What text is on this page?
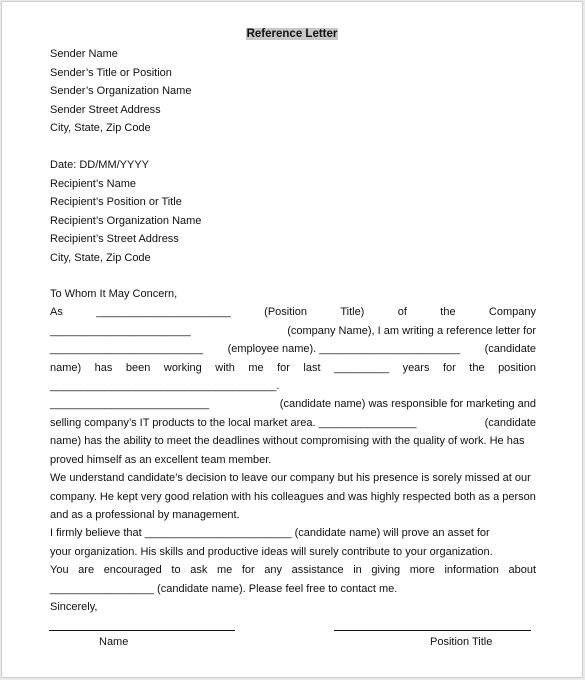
Reference Letter
Sender Name
Sender’s Title or Position
Sender’s Organization Name
Sender Street Address
City, State, Zip Code
Date: DD/MM/YYYY
Recipient’s Name
Recipient’s Position or Title
Recipient’s Organization Name
Recipient’s Street Address
City, State, Zip Code
To Whom It May Concern,
As	______________________	(Position	Title)	of	the	Company
_______________________	(company Name), I am writing a reference letter for
_________________________ (employee name). _______________________ (candidate
name) has been working with me for last _________ years for the position
_____________________________________.
__________________________	(candidate name) was responsible for marketing and
selling company’s IT products to the local market area. ________________	(candidate
name) has the ability to meet the deadlines without compromising with the quality of work. He has
proved himself as an excellent team member.
We understand candidate’s decision to leave our company but his presence is sorely missed at our
company. He kept very good relation with his colleagues and was highly respected both as a person
and as a professional by management.
I firmly believe that ________________________ (candidate name) will prove an asset for
your organization. His skills and productive ideas will surely contribute to your organization.
You are encouraged to ask me for any assistance in giving more information about
_________________ (candidate name). Please feel free to contact me.
Sincerely,
Name	Position Title
